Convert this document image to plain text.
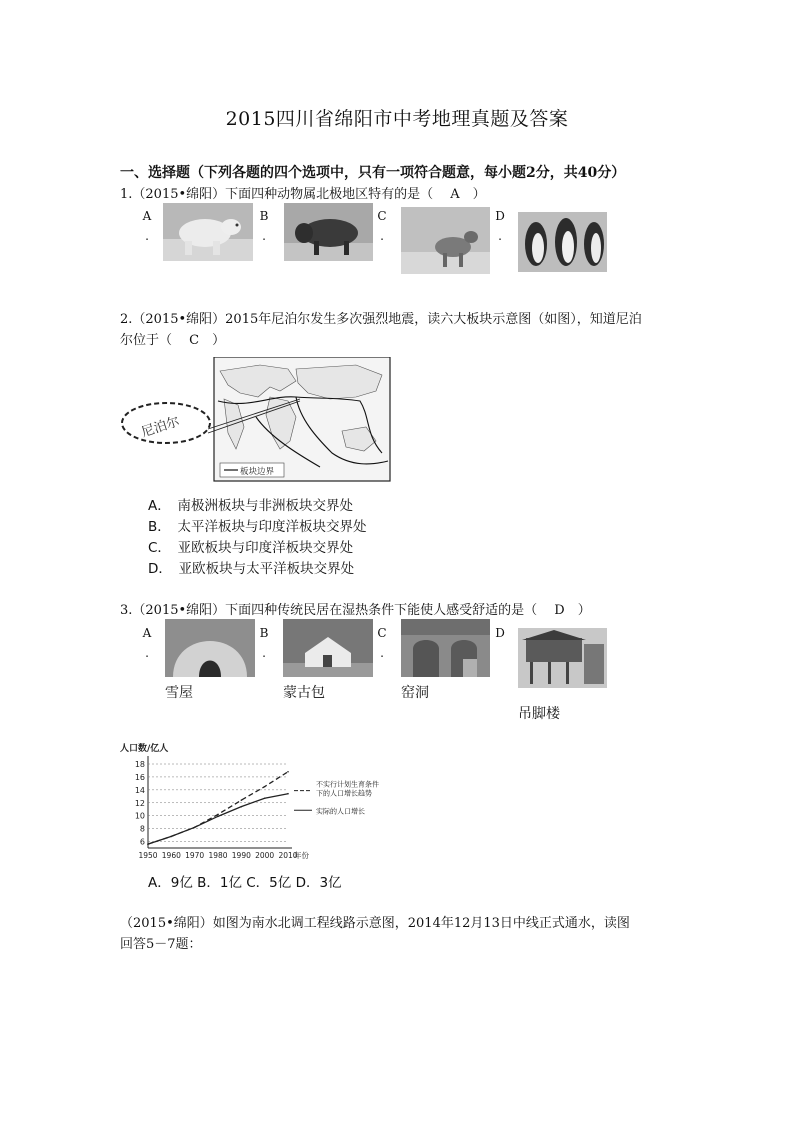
2015四川省绵阳市中考地理真题及答案
一、选择题（下列各题的四个选项中，只有一项符合题意，每小题2分，共40分）
1.（2015•绵阳）下面四种动物属北极地区特有的是（　 A　）
A
.
B
.
C
.
D .
2.（2015•绵阳）2015年尼泊尔发生多次强烈地震，读六大板块示意图（如图），知道尼泊
尔位于（　 C　）
尼泊尔
板块边界
A．　南极洲板块与非洲板块交界处
B．　太平洋板块与印度洋板块交界处
C．　亚欧板块与印度洋板块交界处
D．　亚欧板块与太平洋板块交界处
3.（2015•绵阳）下面四种传统民居在湿热条件下能使人感受舒适的是（　 D　）
A
.
B
.
C
.
D
雪屋	蒙古包	窑洞
吊脚楼
人口数/亿人
6
8
10
12
14
16
18
1950 1960 1970 1980 1990 2000 2010
年份
不实行计划生育条件
下的人口增长趋势
实际的人口增长
A．9亿 B．1亿 C．5亿 D．3亿
（2015•绵阳）如图为南水北调工程线路示意图，2014年12月13日中线正式通水，读图
回答5－7题：
